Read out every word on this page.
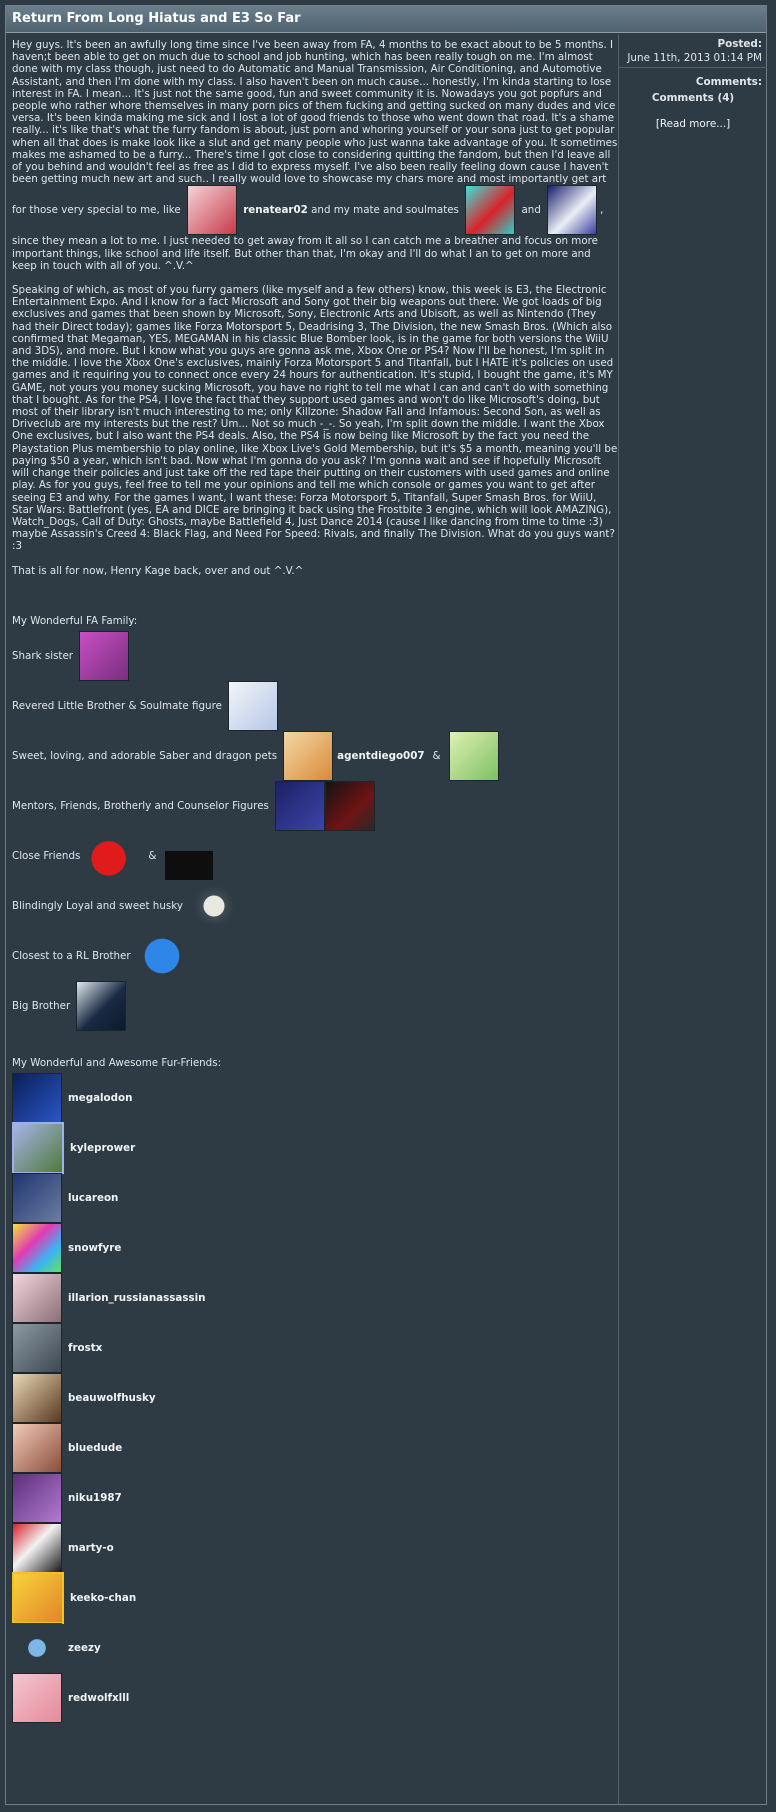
Return From Long Hiatus and E3 So Far

Hey guys. It's been an awfully long time since I've been away from FA, 4 months to be exact about to be 5 months. I haven;t been able to get on much due to school and job hunting, which has been really tough on me. I'm almost done with my class though, just need to do Automatic and Manual Transmission, Air Conditioning, and Automotive Assistant, and then I'm done with my class. I also haven't been on much cause... honestly, I'm kinda starting to lose interest in FA. I mean... It's just not the same good, fun and sweet community it is. Nowadays you got popfurs and people who rather whore themselves in many porn pics of them fucking and getting sucked on many dudes and vice versa. It's been kinda making me sick and I lost a lot of good friends to those who went down that road. It's a shame really... it's like that's what the furry fandom is about, just porn and whoring yourself or your sona just to get popular when all that does is make look like a slut and get many people who just wanna take advantage of you. It sometimes makes me ashamed to be a furry... There's time I got close to considering quitting the fandom, but then I'd leave all of you behind and wouldn't feel as free as I did to express myself. I've also been really feeling down cause I haven't been getting much new art and such.. I really would love to showcase my chars more and most importantly get art for those very special to me, like	renatear02 and my mate and soulmates	and	, since they mean a lot to me. I just needed to get away from it all so I can catch me a breather and focus on more important things, like school and life itself. But other than that, I'm okay and I'll do what I an to get on more and keep in touch with all of you. ^.V.^

Speaking of which, as most of you furry gamers (like myself and a few others) know, this week is E3, the Electronic Entertainment Expo. And I know for a fact Microsoft and Sony got their big weapons out there. We got loads of big exclusives and games that been shown by Microsoft, Sony, Electronic Arts and Ubisoft, as well as Nintendo (They had their Direct today); games like Forza Motorsport 5, Deadrising 3, The Division, the new Smash Bros. (Which also confirmed that Megaman, YES, MEGAMAN in his classic Blue Bomber look, is in the game for both versions the WiiU and 3DS), and more. But I know what you guys are gonna ask me, Xbox One or PS4? Now I'll be honest, I'm split in the middle. I love the Xbox One's exclusives, mainly Forza Motorsport 5 and Titanfall, but I HATE it's policies on used games and it requiring you to connect once every 24 hours for authentication. It's stupid, I bought the game, it's MY GAME, not yours you money sucking Microsoft, you have no right to tell me what I can and can't do with something that I bought. As for the PS4, I love the fact that they support used games and won't do like Microsoft's doing, but most of their library isn't much interesting to me; only Killzone: Shadow Fall and Infamous: Second Son, as well as Driveclub are my interests but the rest? Um... Not so much -_-. So yeah, I'm split down the middle. I want the Xbox One exclusives, but I also want the PS4 deals. Also, the PS4 is now being like Microsoft by the fact you need the Playstation Plus membership to play online, like Xbox Live's Gold Membership, but it's $5 a month, meaning you'll be paying $50 a year, which isn't bad. Now what I'm gonna do you ask? I'm gonna wait and see if hopefully Microsoft will change their policies and just take off the red tape their putting on their customers with used games and online play. As for you guys, feel free to tell me your opinions and tell me which console or games you want to get after seeing E3 and why. For the games I want, I want these: Forza Motorsport 5, Titanfall, Super Smash Bros. for WiiU, Star Wars: Battlefront (yes, EA and DICE are bringing it back using the Frostbite 3 engine, which will look AMAZING), Watch_Dogs, Call of Duty: Ghosts, maybe Battlefield 4, Just Dance 2014 (cause I like dancing from time to time :3) maybe Assassin's Creed 4: Black Flag, and Need For Speed: Rivals, and finally The Division. What do you guys want? :3

That is all for now, Henry Kage back, over and out ^.V.^

My Wonderful FA Family:

Shark sister
Revered Little Brother & Soulmate figure
Sweet, loving, and adorable Saber and dragon pets	agentdiego007 &
Mentors, Friends, Brotherly and Counselor Figures
Close Friends	&
Blindingly Loyal and sweet husky
Closest to a RL Brother
Big Brother

My Wonderful and Awesome Fur-Friends:

megalodon
kyleprower
lucareon
snowfyre
illarion_russianassassin
frostx
beauwolfhusky
bluedude
niku1987
marty-o
keeko-chan
zeezy
redwolfxlll
Posted:
June 11th, 2013 01:14 PM
Comments:
Comments (4)
[Read more...]
